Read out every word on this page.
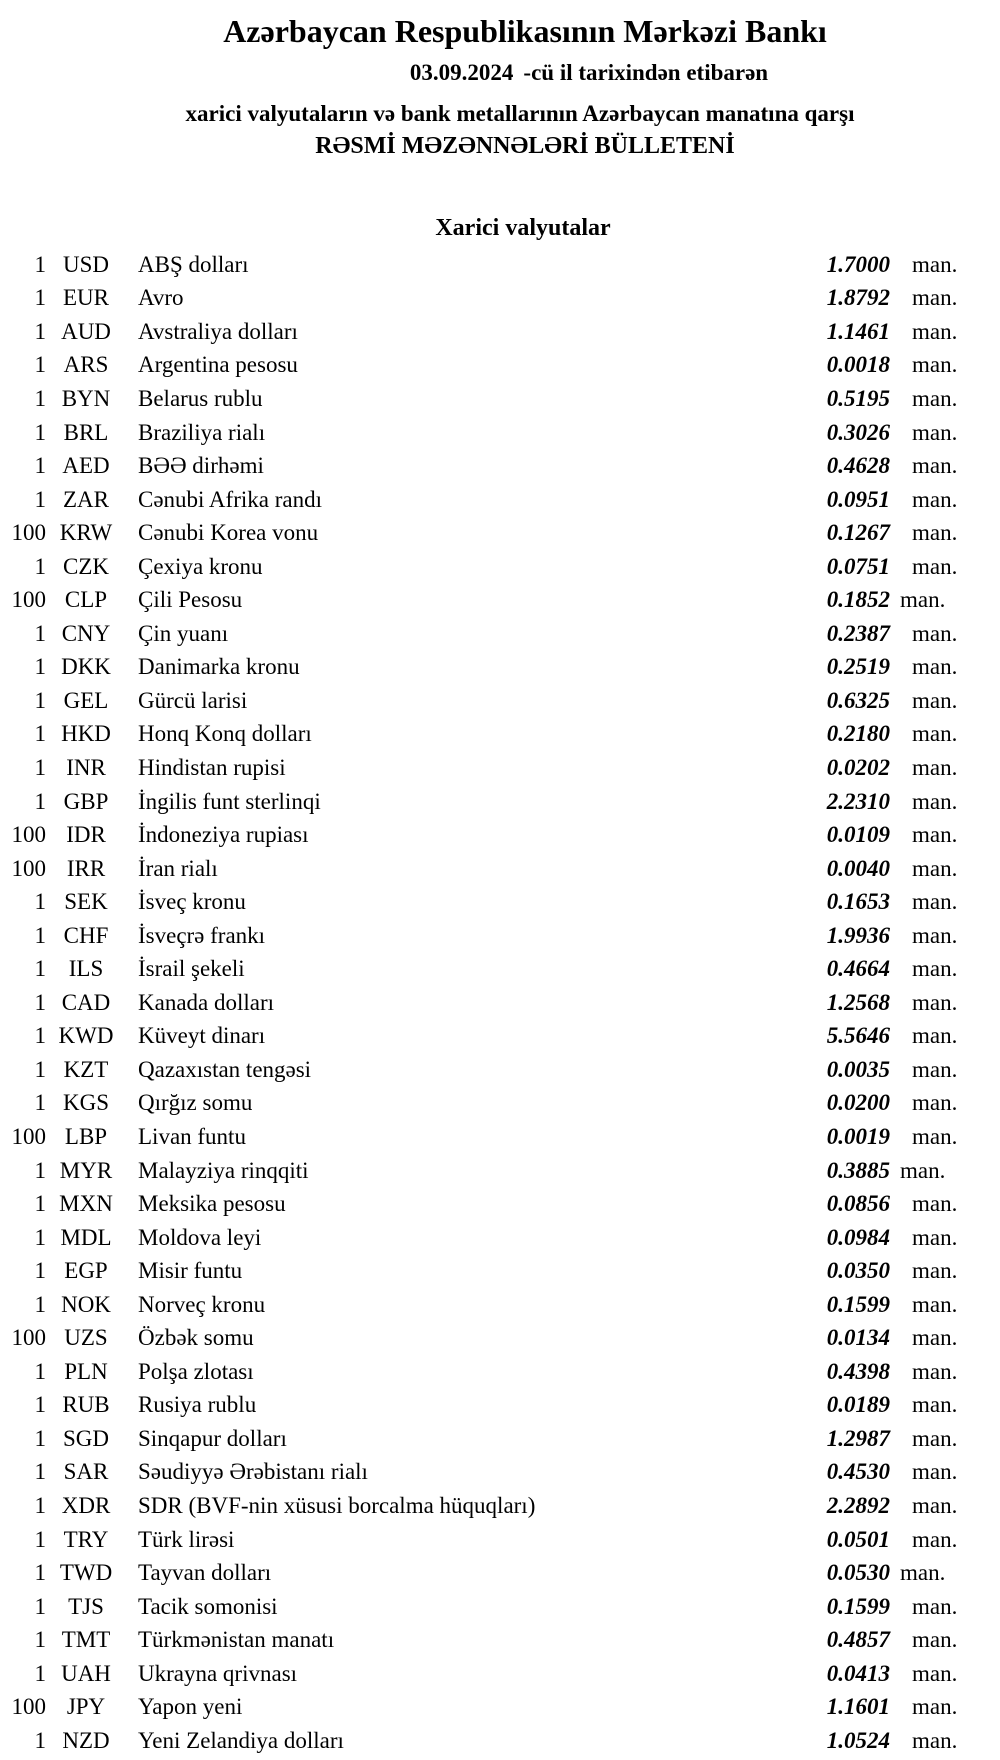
Azərbaycan Respublikasının Mərkəzi Bankı
03.09.2024 -cü il tarixindən etibarən
xarici valyutaların və bank metallarının Azərbaycan manatına qarşı
RƏSMİ MƏZƏNNƏLƏRİ BÜLLETENİ
Xarici valyutalar
1 USD	ABŞ dolları	1.7000 man.
1 EUR	Avro	1.8792 man.
1 AUD	Avstraliya dolları	1.1461 man.
1 ARS	Argentina pesosu	0.0018 man.
1 BYN	Belarus rublu	0.5195 man.
1 BRL	Braziliya rialı	0.3026 man.
1 AED	BƏƏ dirhəmi	0.4628 man.
1 ZAR	Cənubi Afrika randı	0.0951 man.
100 KRW	Cənubi Korea vonu	0.1267 man.
1 CZK	Çexiya kronu	0.0751 man.
100 CLP	Çili Pesosu	0.1852 man.
1 CNY	Çin yuanı	0.2387 man.
1 DKK	Danimarka kronu	0.2519 man.
1 GEL	Gürcü larisi	0.6325 man.
1 HKD	Honq Konq dolları	0.2180 man.
1 INR	Hindistan rupisi	0.0202 man.
1 GBP	İngilis funt sterlinqi	2.2310 man.
100 IDR	İndoneziya rupiası	0.0109 man.
100 IRR	İran rialı	0.0040 man.
1 SEK	İsveç kronu	0.1653 man.
1 CHF	İsveçrə frankı	1.9936 man.
1 ILS	İsrail şekeli	0.4664 man.
1 CAD	Kanada dolları	1.2568 man.
1 KWD	Küveyt dinarı	5.5646 man.
1 KZT	Qazaxıstan tengəsi	0.0035 man.
1 KGS	Qırğız somu	0.0200 man.
100 LBP	Livan funtu	0.0019 man.
1 MYR	Malayziya rinqqiti	0.3885 man.
1 MXN	Meksika pesosu	0.0856 man.
1 MDL	Moldova leyi	0.0984 man.
1 EGP	Misir funtu	0.0350 man.
1 NOK	Norveç kronu	0.1599 man.
100 UZS	Özbək somu	0.0134 man.
1 PLN	Polşa zlotası	0.4398 man.
1 RUB	Rusiya rublu	0.0189 man.
1 SGD	Sinqapur dolları	1.2987 man.
1 SAR	Səudiyyə Ərəbistanı rialı	0.4530 man.
1 XDR	SDR (BVF-nin xüsusi borcalma hüquqları)	2.2892 man.
1 TRY	Türk lirəsi	0.0501 man.
1 TWD	Tayvan dolları	0.0530 man.
1 TJS	Tacik somonisi	0.1599 man.
1 TMT	Türkmənistan manatı	0.4857 man.
1 UAH	Ukrayna qrivnası	0.0413 man.
100 JPY	Yapon yeni	1.1601 man.
1 NZD	Yeni Zelandiya dolları	1.0524 man.
